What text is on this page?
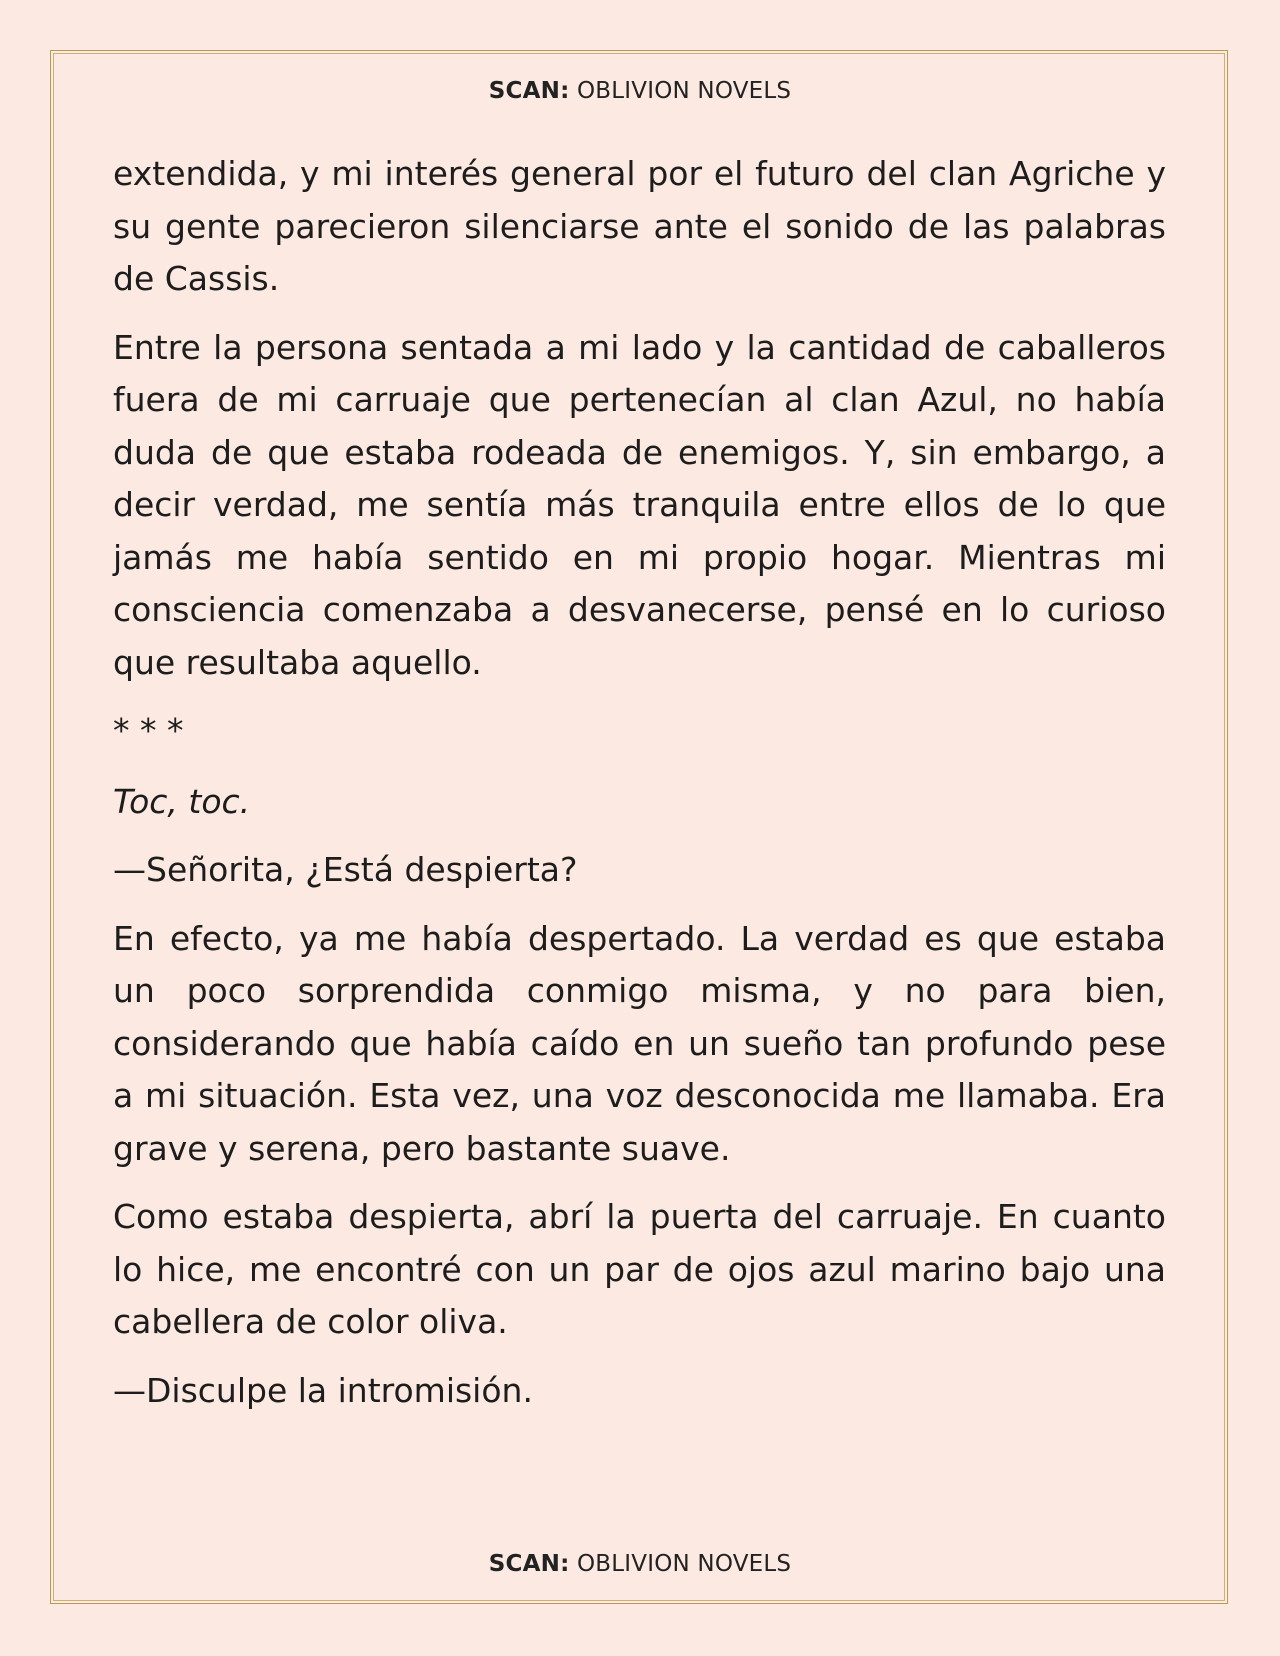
SCAN: OBLIVION NOVELS

extendida, y mi interés general por el futuro del clan Agriche y su gente parecieron silenciarse ante el sonido de las palabras de Cassis.

Entre la persona sentada a mi lado y la cantidad de caballeros fuera de mi carruaje que pertenecían al clan Azul, no había duda de que estaba rodeada de enemigos. Y, sin embargo, a decir verdad, me sentía más tranquila entre ellos de lo que jamás me había sentido en mi propio hogar. Mientras mi consciencia comenzaba a desvanecerse, pensé en lo curioso que resultaba aquello.

* * *

Toc, toc.

—Señorita, ¿Está despierta?

En efecto, ya me había despertado. La verdad es que estaba un poco sorprendida conmigo misma, y no para bien, considerando que había caído en un sueño tan profundo pese a mi situación. Esta vez, una voz desconocida me llamaba. Era grave y serena, pero bastante suave.

Como estaba despierta, abrí la puerta del carruaje. En cuanto lo hice, me encontré con un par de ojos azul marino bajo una cabellera de color oliva.

—Disculpe la intromisión.

SCAN: OBLIVION NOVELS
